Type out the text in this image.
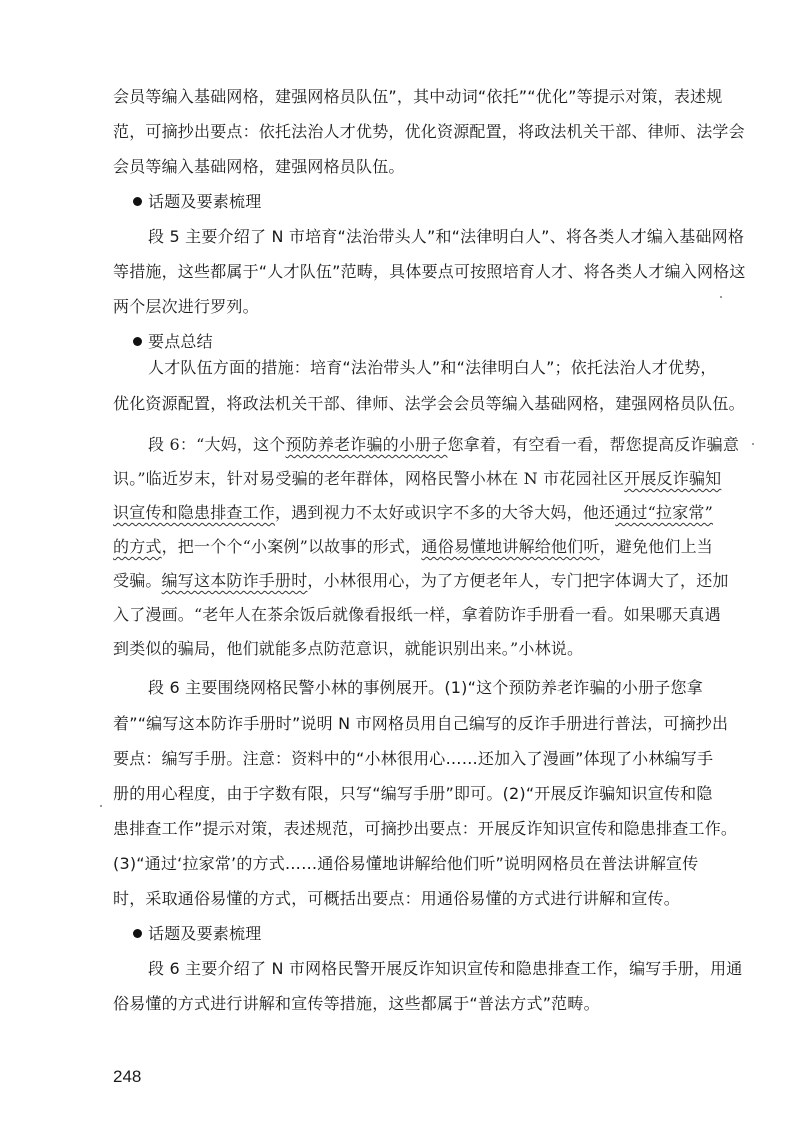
会员等编入基础网格，建强网格员队伍”，其中动词“依托”“优化”等提示对策，表述规
范，可摘抄出要点：依托法治人才优势，优化资源配置，将政法机关干部、律师、法学会
会员等编入基础网格，建强网格员队伍。
话题及要素梳理
段 5 主要介绍了 N 市培育“法治带头人”和“法律明白人”、将各类人才编入基础网格
等措施，这些都属于“人才队伍”范畴，具体要点可按照培育人才、将各类人才编入网格这
两个层次进行罗列。
要点总结
人才队伍方面的措施：培育“法治带头人”和“法律明白人”；依托法治人才优势，
优化资源配置，将政法机关干部、律师、法学会会员等编入基础网格，建强网格员队伍。
段 6：“大妈，这个预防养老诈骗的小册子您拿着，有空看一看，帮您提高反诈骗意
识。”临近岁末，针对易受骗的老年群体，网格民警小林在 N 市花园社区开展反诈骗知
识宣传和隐患排查工作，遇到视力不太好或识字不多的大爷大妈，他还通过“拉家常”
的方式，把一个个“小案例”以故事的形式，通俗易懂地讲解给他们听，避免他们上当
受骗。编写这本防诈手册时，小林很用心，为了方便老年人，专门把字体调大了，还加
入了漫画。“老年人在茶余饭后就像看报纸一样，拿着防诈手册看一看。如果哪天真遇
到类似的骗局，他们就能多点防范意识，就能识别出来。”小林说。
段 6 主要围绕网格民警小林的事例展开。(1)“这个预防养老诈骗的小册子您拿
着”“编写这本防诈手册时”说明 N 市网格员用自己编写的反诈手册进行普法，可摘抄出
要点：编写手册。注意：资料中的“小林很用心……还加入了漫画”体现了小林编写手
册的用心程度，由于字数有限，只写“编写手册”即可。(2)“开展反诈骗知识宣传和隐
患排查工作”提示对策，表述规范，可摘抄出要点：开展反诈知识宣传和隐患排查工作。
(3)“通过‘拉家常’的方式……通俗易懂地讲解给他们听”说明网格员在普法讲解宣传
时，采取通俗易懂的方式，可概括出要点：用通俗易懂的方式进行讲解和宣传。
话题及要素梳理
段 6 主要介绍了 N 市网格民警开展反诈知识宣传和隐患排查工作，编写手册，用通
俗易懂的方式进行讲解和宣传等措施，这些都属于“普法方式”范畴。
248
